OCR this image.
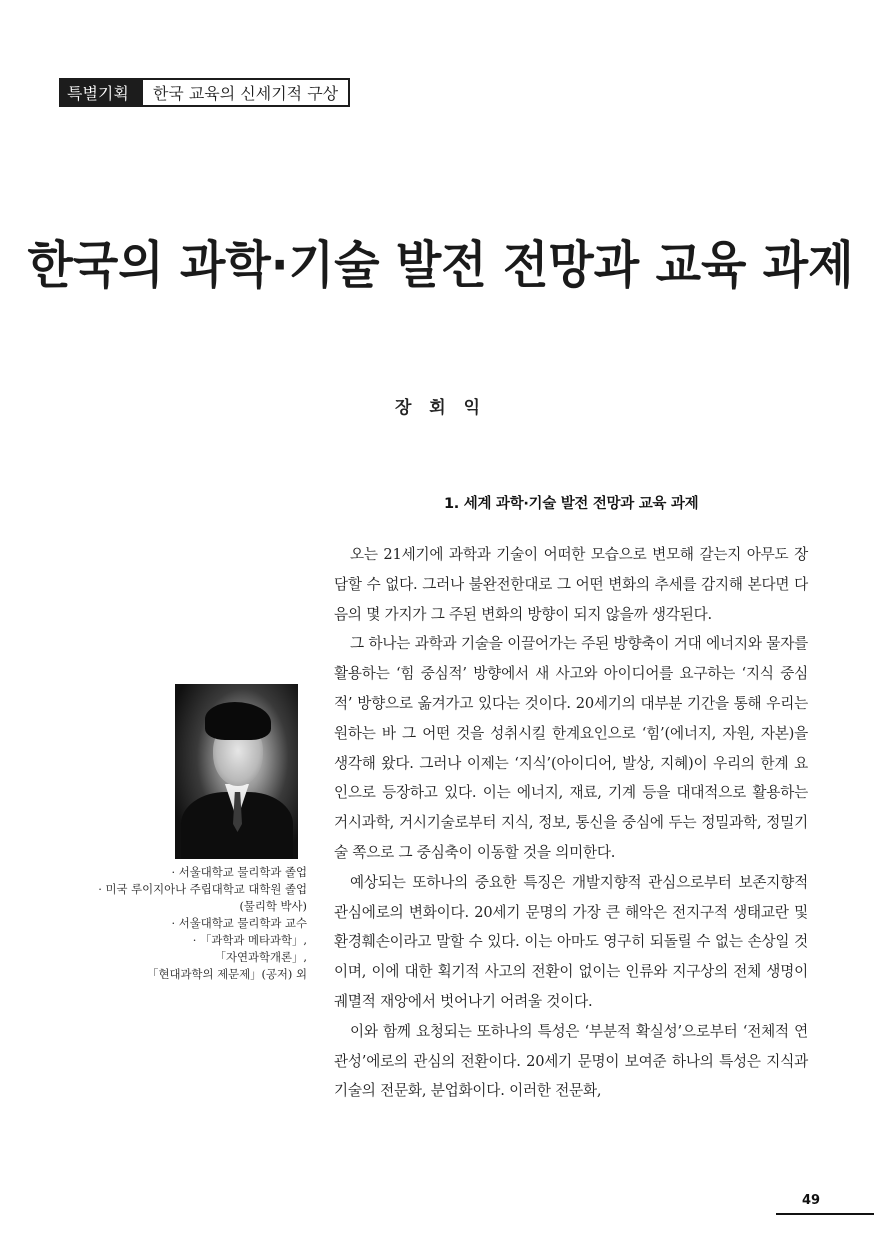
특별기획	한국 교육의 신세기적 구상
한국의 과학·기술 발전 전망과 교육 과제
장 회 익
1. 세계 과학·기술 발전 전망과 교육 과제

오는 21세기에 과학과 기술이 어떠한 모습으로 변모해 갈는지 아무도 장담할 수 없다. 그러나 불완전한대로 그 어떤 변화의 추세를 감지해 본다면 다음의 몇 가지가 그 주된 변화의 방향이 되지 않을까 생각된다.

그 하나는 과학과 기술을 이끌어가는 주된 방향축이 거대 에너지와 물자를 활용하는 ‘힘 중심적’ 방향에서 새 사고와 아이디어를 요구하는 ‘지식 중심적’ 방향으로 옮겨가고 있다는 것이다. 20세기의 대부분 기간을 통해 우리는 원하는 바 그 어떤 것을 성취시킬 한계요인으로 ‘힘’(에너지, 자원, 자본)을 생각해 왔다. 그러나 이제는 ‘지식’(아이디어, 발상, 지혜)이 우리의 한계 요인으로 등장하고 있다. 이는 에너지, 재료, 기계 등을 대대적으로 활용하는 거시과학, 거시기술로부터 지식, 정보, 통신을 중심에 두는 정밀과학, 정밀기술 쪽으로 그 중심축이 이동할 것을 의미한다.

예상되는 또하나의 중요한 특징은 개발지향적 관심으로부터 보존지향적 관심에로의 변화이다. 20세기 문명의 가장 큰 해악은 전지구적 생태교란 및 환경훼손이라고 말할 수 있다. 이는 아마도 영구히 되돌릴 수 없는 손상일 것이며, 이에 대한 획기적 사고의 전환이 없이는 인류와 지구상의 전체 생명이 궤멸적 재앙에서 벗어나기 어려울 것이다.

이와 함께 요청되는 또하나의 특성은 ‘부분적 확실성’으로부터 ‘전체적 연관성’에로의 관심의 전환이다. 20세기 문명이 보여준 하나의 특성은 지식과 기술의 전문화, 분업화이다. 이러한 전문화,

· 서울대학교 물리학과 졸업
· 미국 루이지아나 주립대학교 대학원 졸업
(물리학 박사)
· 서울대학교 물리학과 교수
· 「과학과 메타과학」,
「자연과학개론」,
「현대과학의 제문제」(공저) 외
49
